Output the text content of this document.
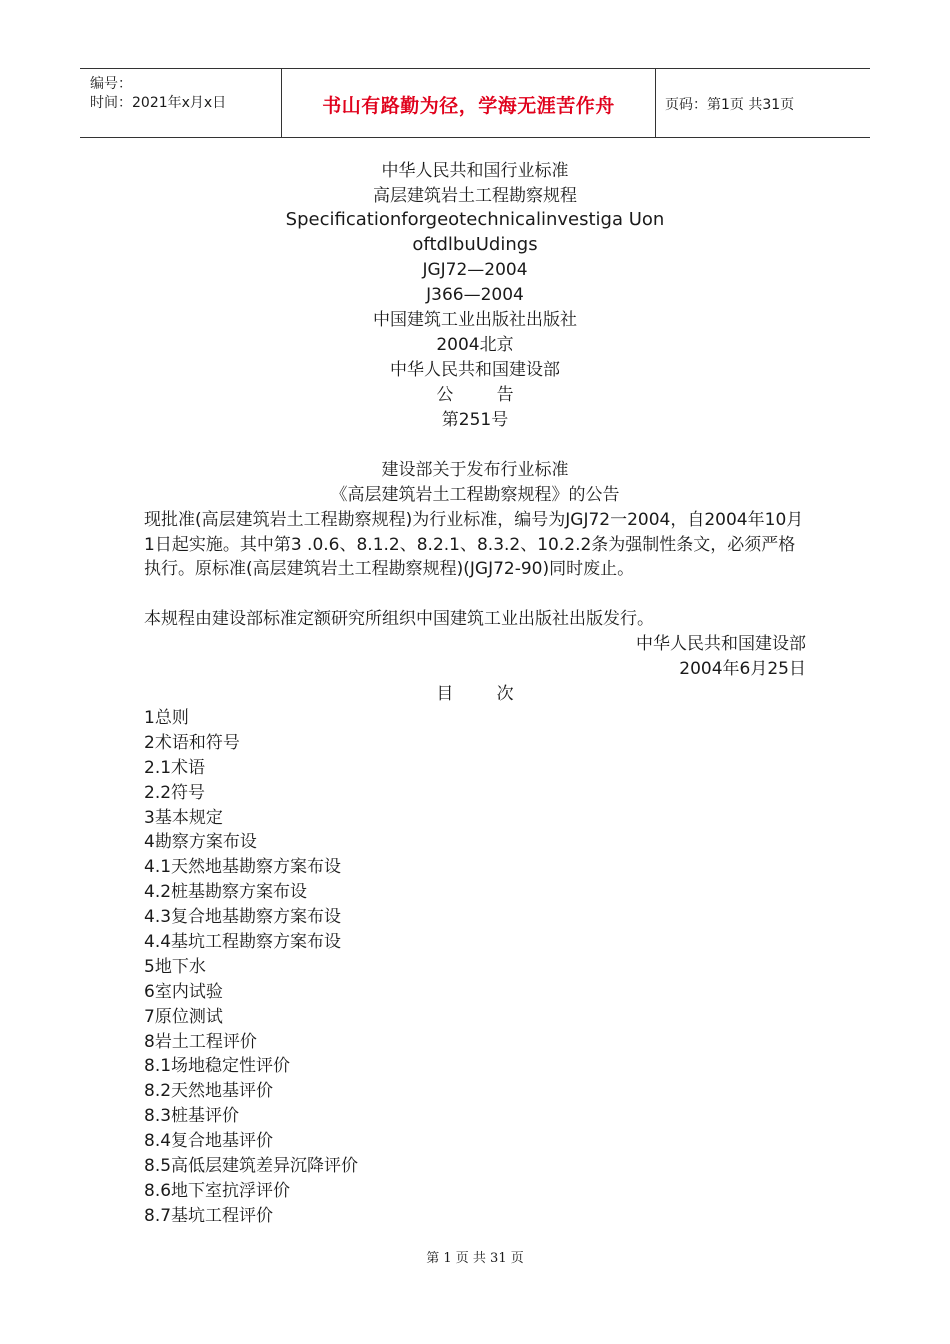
编号：
时间：2021年x月x日	书山有路勤为径，学海无涯苦作舟	页码：第1页 共31页
中华人民共和国行业标准
高层建筑岩土工程勘察规程
Specificationforgeotechnicalinvestiga Uon
oftdlbuUdings
JGJ72—2004
J366—2004
中国建筑工业出版社出版社
2004北京
中华人民共和国建设部
公        告
第251号
建设部关于发布行业标准
《高层建筑岩土工程勘察规程》的公告
现批准(高层建筑岩土工程勘察规程)为行业标准，编号为JGJ72一2004，自2004年10月1日起实施。其中第3 .0.6、8.1.2、8.2.1、8.3.2、10.2.2条为强制性条文，必须严格执行。原标准(高层建筑岩土工程勘察规程)(JGJ72-90)同时废止。
本规程由建设部标准定额研究所组织中国建筑工业出版社出版发行。
中华人民共和国建设部
2004年6月25日
目        次
1总则
2术语和符号
2.1术语
2.2符号
3基本规定
4勘察方案布设
4.1天然地基勘察方案布设
4.2桩基勘察方案布设
4.3复合地基勘察方案布设
4.4基坑工程勘察方案布设
5地下水
6室内试验
7原位测试
8岩土工程评价
8.1场地稳定性评价
8.2天然地基评价
8.3桩基评价
8.4复合地基评价
8.5高低层建筑差异沉降评价
8.6地下室抗浮评价
8.7基坑工程评价
第 1 页 共 31 页
